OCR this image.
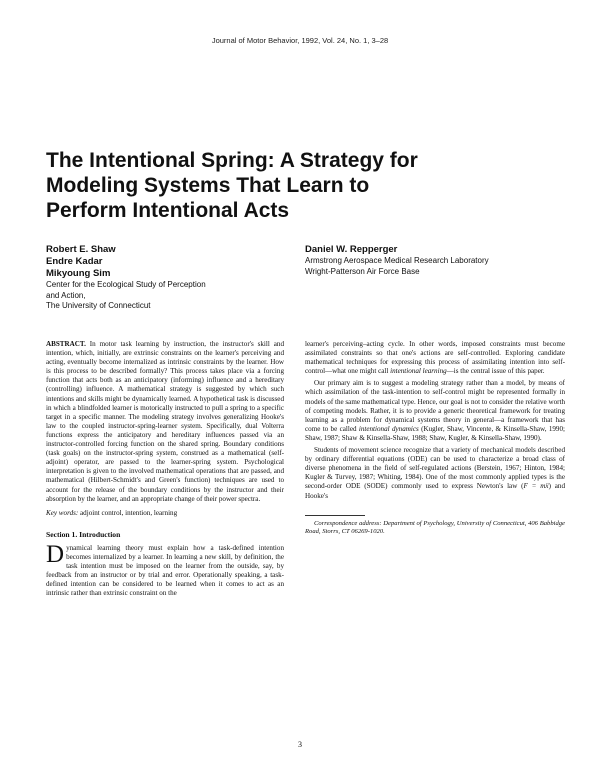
Journal of Motor Behavior, 1992, Vol. 24, No. 1, 3–28
The Intentional Spring: A Strategy for
Modeling Systems That Learn to
Perform Intentional Acts
Robert E. Shaw
Endre Kadar
Mikyoung Sim
Center for the Ecological Study of Perception
and Action,
The University of Connecticut
Daniel W. Repperger
Armstrong Aerospace Medical Research Laboratory
Wright-Patterson Air Force Base

ABSTRACT. In motor task learning by instruction, the instructor's skill and intention, which, initially, are extrinsic constraints on the learner's perceiving and acting, eventually become internalized as intrinsic constraints by the learner. How is this process to be described formally? This process takes place via a forcing function that acts both as an anticipatory (informing) influence and a hereditary (controlling) influence. A mathematical strategy is suggested by which such intentions and skills might be dynamically learned. A hypothetical task is discussed in which a blindfolded learner is motorically instructed to pull a spring to a specific target in a specific manner. The modeling strategy involves generalizing Hooke's law to the coupled instructor-spring-learner system. Specifically, dual Volterra functions express the anticipatory and hereditary influences passed via an instructor-controlled forcing function on the shared spring. Boundary conditions (task goals) on the instructor-spring system, construed as a mathematical (self-adjoint) operator, are passed to the learner-spring system. Psychological interpretation is given to the involved mathematical operations that are passed, and mathematical (Hilbert-Schmidt's and Green's function) techniques are used to account for the release of the boundary conditions by the instructor and their absorption by the learner, and an appropriate change of their power spectra.

Key words: adjoint control, intention, learning

Section 1. Introduction

Dynamical learning theory must explain how a task-defined intention becomes internalized by a learner. In learning a new skill, by definition, the task intention must be imposed on the learner from the outside, say, by feedback from an instructor or by trial and error. Operationally speaking, a task-defined intention can be considered to be learned when it comes to act as an intrinsic rather than extrinsic constraint on the

learner's perceiving–acting cycle. In other words, imposed constraints must become assimilated constraints so that one's actions are self-controlled. Exploring candidate mathematical techniques for expressing this process of assimilating intention into self-control—what one might call intentional learning—is the central issue of this paper.

Our primary aim is to suggest a modeling strategy rather than a model, by means of which assimilation of the task-intention to self-control might be represented formally in models of the same mathematical type. Hence, our goal is not to consider the relative worth of competing models. Rather, it is to provide a generic theoretical framework for treating learning as a problem for dynamical systems theory in general—a framework that has come to be called intentional dynamics (Kugler, Shaw, Vincente, & Kinsella-Shaw, 1990; Shaw, 1987; Shaw & Kinsella-Shaw, 1988; Shaw, Kugler, & Kinsella-Shaw, 1990).

Students of movement science recognize that a variety of mechanical models described by ordinary differential equations (ODE) can be used to characterize a broad class of diverse phenomena in the field of self-regulated actions (Berstein, 1967; Hinton, 1984; Kugler & Turvey, 1987; Whiting, 1984). One of the most commonly applied types is the second-order ODE (SODE) commonly used to express Newton's law (F = mẍ) and Hooke's

Correspondence address: Department of Psychology, University of Connecticut, 406 Babbidge Road, Storrs, CT 06269-1020.

3
